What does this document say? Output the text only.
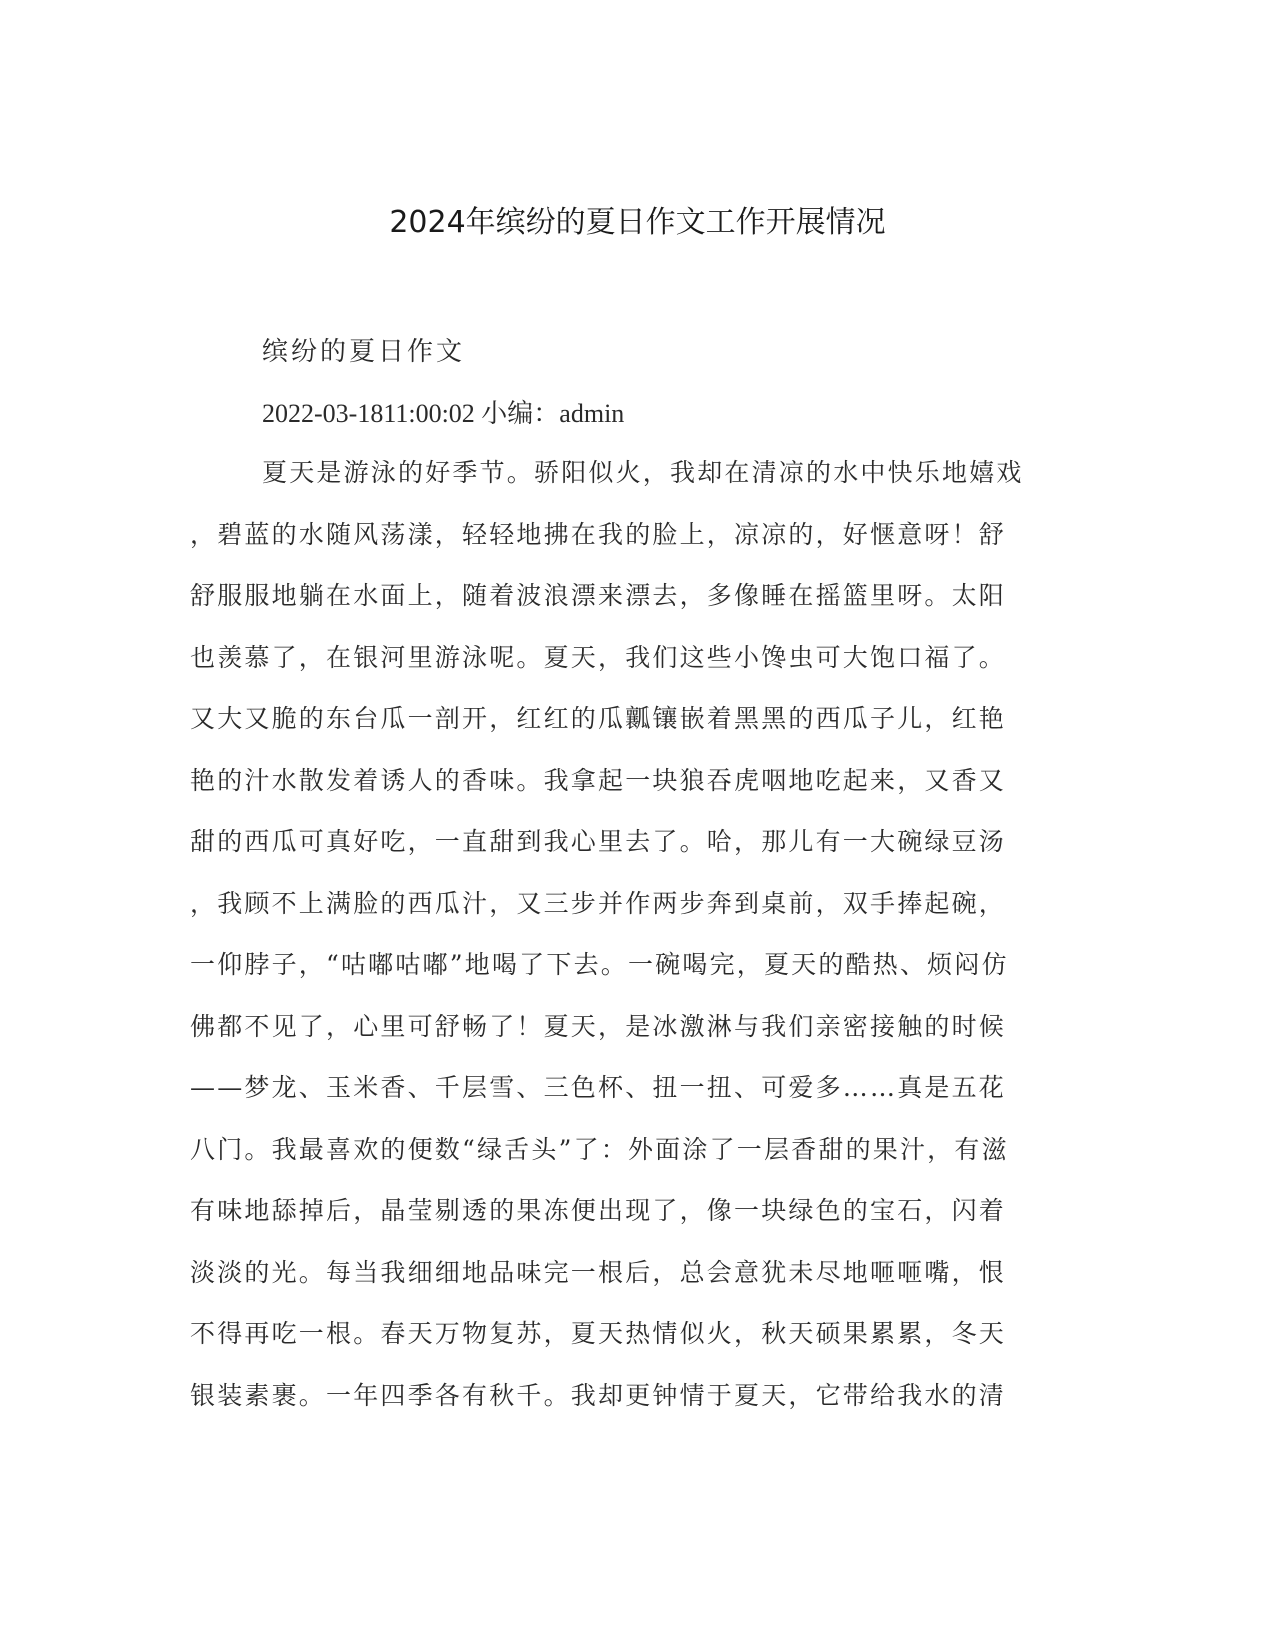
2024年缤纷的夏日作文工作开展情况
缤纷的夏日作文
2022-03-1811:00:02 小编：admin
夏天是游泳的好季节。骄阳似火，我却在清凉的水中快乐地嬉戏
，碧蓝的水随风荡漾，轻轻地拂在我的脸上，凉凉的，好惬意呀！舒
舒服服地躺在水面上，随着波浪漂来漂去，多像睡在摇篮里呀。太阳
也羡慕了，在银河里游泳呢。夏天，我们这些小馋虫可大饱口福了。
又大又脆的东台瓜一剖开，红红的瓜瓤镶嵌着黑黑的西瓜子儿，红艳
艳的汁水散发着诱人的香味。我拿起一块狼吞虎咽地吃起来，又香又
甜的西瓜可真好吃，一直甜到我心里去了。哈，那儿有一大碗绿豆汤
，我顾不上满脸的西瓜汁，又三步并作两步奔到桌前，双手捧起碗，
一仰脖子，“咕嘟咕嘟”地喝了下去。一碗喝完，夏天的酷热、烦闷仿
佛都不见了，心里可舒畅了！夏天，是冰激淋与我们亲密接触的时候
——梦龙、玉米香、千层雪、三色杯、扭一扭、可爱多……真是五花
八门。我最喜欢的便数“绿舌头”了：外面涂了一层香甜的果汁，有滋
有味地舔掉后，晶莹剔透的果冻便出现了，像一块绿色的宝石，闪着
淡淡的光。每当我细细地品味完一根后，总会意犹未尽地咂咂嘴，恨
不得再吃一根。春天万物复苏，夏天热情似火，秋天硕果累累，冬天
银装素裹。一年四季各有秋千。我却更钟情于夏天，它带给我水的清
